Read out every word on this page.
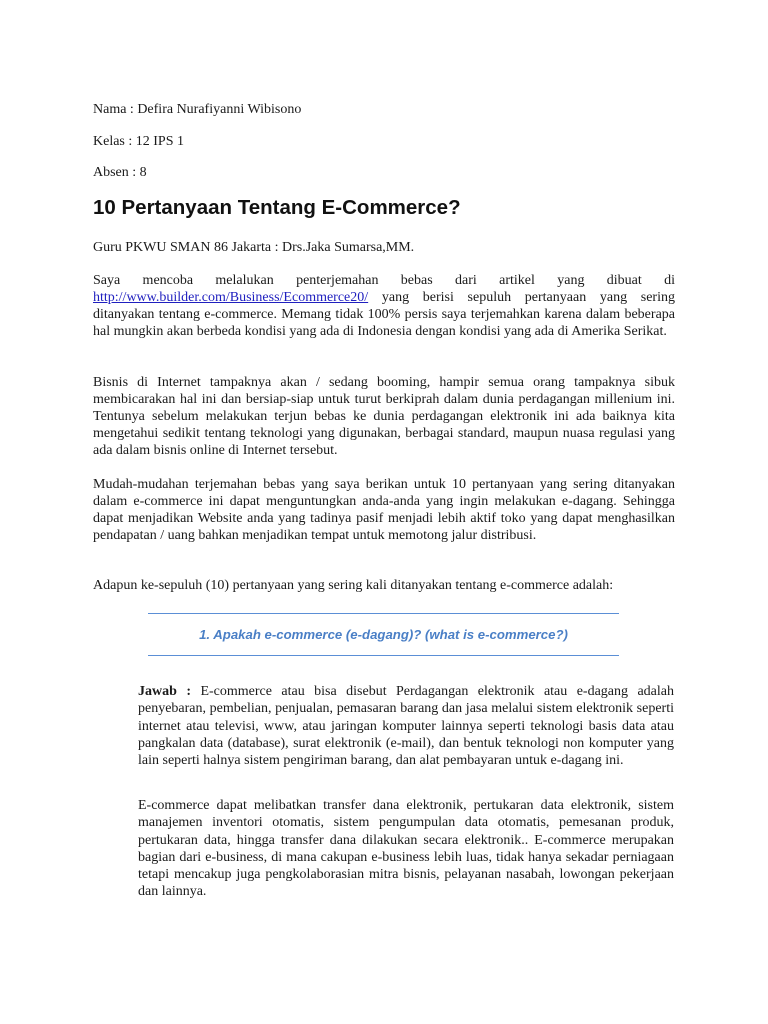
Nama : Defira Nurafiyanni Wibisono

Kelas : 12 IPS 1

Absen : 8

10 Pertanyaan Tentang E-Commerce?

Guru PKWU SMAN 86 Jakarta : Drs.Jaka Sumarsa,MM.

Saya mencoba melalukan penterjemahan bebas dari artikel yang dibuat di http://www.builder.com/Business/Ecommerce20/ yang berisi sepuluh pertanyaan yang sering ditanyakan tentang e-commerce. Memang tidak 100% persis saya terjemahkan karena dalam beberapa hal mungkin akan berbeda kondisi yang ada di Indonesia dengan kondisi yang ada di Amerika Serikat.

Bisnis di Internet tampaknya akan / sedang booming, hampir semua orang tampaknya sibuk membicarakan hal ini dan bersiap-siap untuk turut berkiprah dalam dunia perdagangan millenium ini. Tentunya sebelum melakukan terjun bebas ke dunia perdagangan elektronik ini ada baiknya kita mengetahui sedikit tentang teknologi yang digunakan, berbagai standard, maupun nuasa regulasi yang ada dalam bisnis online di Internet tersebut.

Mudah-mudahan terjemahan bebas yang saya berikan untuk 10 pertanyaan yang sering ditanyakan dalam e-commerce ini dapat menguntungkan anda-anda yang ingin melakukan e-dagang. Sehingga dapat menjadikan Website anda yang tadinya pasif menjadi lebih aktif toko yang dapat menghasilkan pendapatan / uang bahkan menjadikan tempat untuk memotong jalur distribusi.

Adapun ke-sepuluh (10) pertanyaan yang sering kali ditanyakan tentang e-commerce adalah:

1. Apakah e-commerce (e-dagang)? (what is e-commerce?)

Jawab : E-commerce atau bisa disebut Perdagangan elektronik atau e-dagang adalah penyebaran, pembelian, penjualan, pemasaran barang dan jasa melalui sistem elektronik seperti internet atau televisi, www, atau jaringan komputer lainnya seperti teknologi basis data atau pangkalan data (database), surat elektronik (e-mail), dan bentuk teknologi non komputer yang lain seperti halnya sistem pengiriman barang, dan alat pembayaran untuk e-dagang ini.

E-commerce dapat melibatkan transfer dana elektronik, pertukaran data elektronik, sistem manajemen inventori otomatis, sistem pengumpulan data otomatis, pemesanan produk, pertukaran data, hingga transfer dana dilakukan secara elektronik.. E-commerce merupakan bagian dari e-business, di mana cakupan e-business lebih luas, tidak hanya sekadar perniagaan tetapi mencakup juga pengkolaborasian mitra bisnis, pelayanan nasabah, lowongan pekerjaan dan lainnya.
